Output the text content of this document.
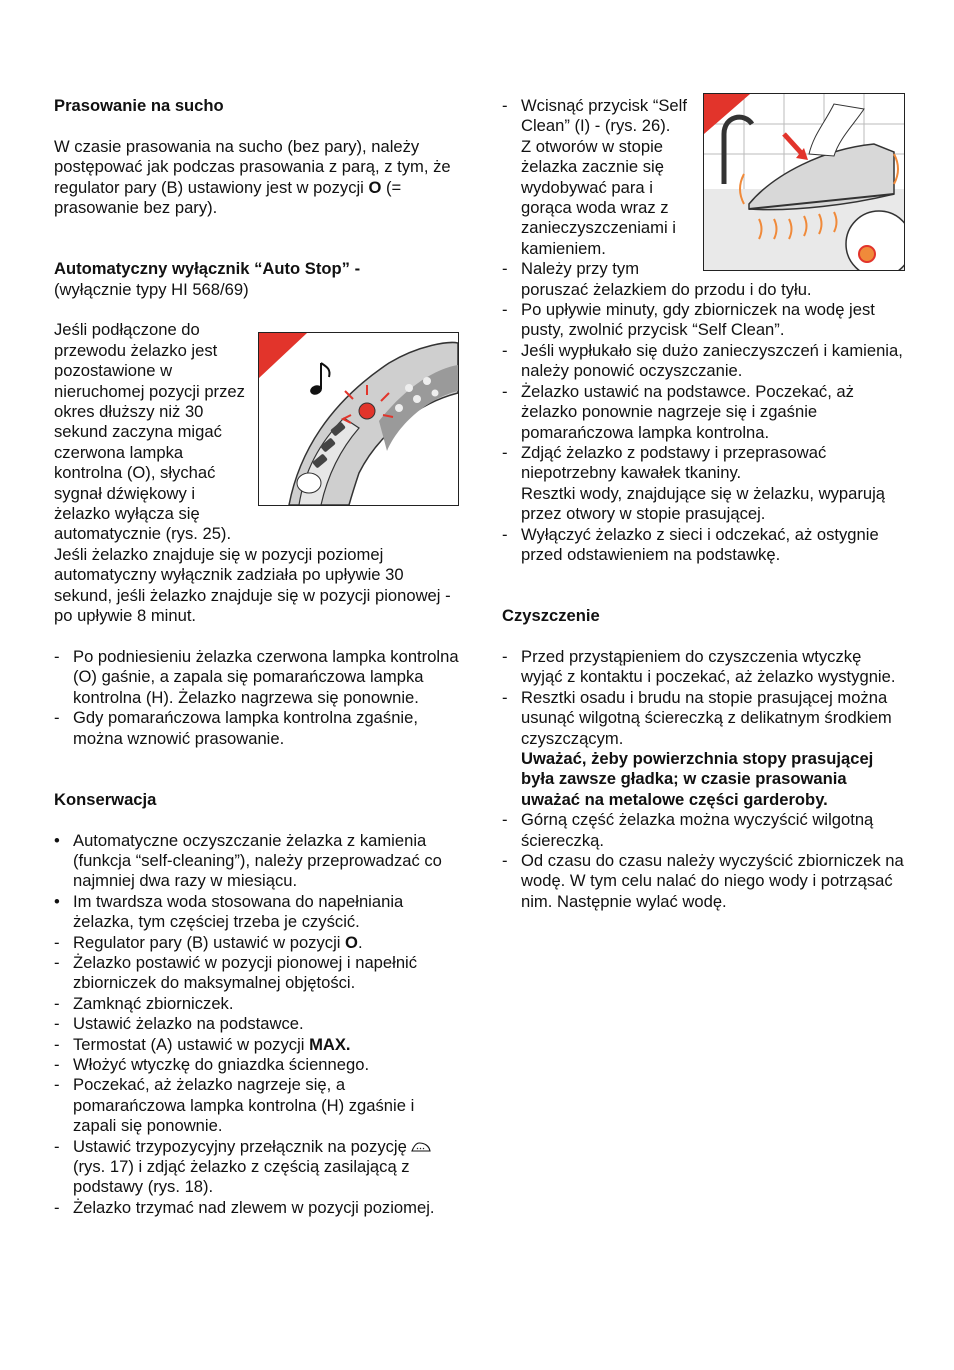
Prasowanie na sucho

W czasie prasowania na sucho (bez pary), należy postępować jak podczas prasowania z parą, z tym, że regulator pary (B) ustawiony jest w pozycji O (= prasowanie bez pary).

Automatyczny wyłącznik “Auto Stop” -

(wyłącznie typy HI 568/69)

Jeśli podłączone do przewodu żelazko jest pozostawione w nieruchomej pozycji przez okres dłuższy niż 30 sekund zaczyna migać czerwona lampka kontrolna (O), słychać sygnał dźwiękowy i żelazko wyłącza się automatycznie (rys. 25).

Jeśli żelazko znajduje się w pozycji poziomej automatyczny wyłącznik zadziała po upływie 30 sekund, jeśli żelazko znajduje się w pozycji pionowej - po upływie 8 minut.

- Po podniesieniu żelazka czerwona lampka kontrolna (O) gaśnie, a zapala się pomarańczowa lampka kontrolna (H). Żelazko nagrzewa się ponownie.
- Gdy pomarańczowa lampka kontrolna zgaśnie, można wznowić prasowanie.

Konserwacja

• Automatyczne oczyszczanie żelazka z kamienia (funkcja “self-cleaning”), należy przeprowadzać co najmniej dwa razy w miesiącu.
• Im twardsza woda stosowana do napełniania żelazka, tym częściej trzeba je czyścić.
- Regulator pary (B) ustawić w pozycji O.
- Żelazko postawić w pozycji pionowej i napełnić zbiorniczek do maksymalnej objętości.
- Zamknąć zbiorniczek.
- Ustawić żelazko na podstawce.
- Termostat (A) ustawić w pozycji MAX.
- Włożyć wtyczkę do gniazdka ściennego.
- Poczekać, aż żelazko nagrzeje się, a pomarańczowa lampka kontrolna (H) zgaśnie i zapali się ponownie.
- Ustawić trzypozycyjny przełącznik na pozycję  (rys. 17) i zdjąć żelazko z częścią zasilającą z podstawy (rys. 18).
- Żelazko trzymać nad zlewem w pozycji poziomej.
- Wcisnąć przycisk “Self Clean” (I) - (rys. 26).
Z otworów w stopie żelazka zacznie się wydobywać para i gorąca woda wraz z zanieczyszczeniami i kamieniem.
- Należy przy tym poruszać żelazkiem do przodu i do tyłu.
- Po upływie minuty, gdy zbiorniczek na wodę jest pusty, zwolnić przycisk “Self Clean”.
- Jeśli wypłukało się dużo zanieczyszczeń i kamienia, należy ponowić oczyszczanie.
- Żelazko ustawić na podstawce. Poczekać, aż żelazko ponownie nagrzeje się i zgaśnie pomarańczowa lampka kontrolna.
- Zdjąć żelazko z podstawy i przeprasować niepotrzebny kawałek tkaniny.
Resztki wody, znajdujące się w żelazku, wyparują przez otwory w stopie prasującej.
- Wyłączyć żelazko z sieci i odczekać, aż ostygnie przed odstawieniem na podstawkę.

Czyszczenie

- Przed przystąpieniem do czyszczenia wtyczkę wyjąć z kontaktu i poczekać, aż żelazko wystygnie.
- Resztki osadu i brudu na stopie prasującej można usunąć wilgotną ściereczką z delikatnym środkiem czyszczącym.
Uważać, żeby powierzchnia stopy prasującej była zawsze gładka; w czasie prasowania uważać na metalowe części garderoby.
- Górną część żelazka można wyczyścić wilgotną ściereczką.
- Od czasu do czasu należy wyczyścić zbiorniczek na wodę. W tym celu nalać do niego wody i potrząsać nim. Następnie wylać wodę.
